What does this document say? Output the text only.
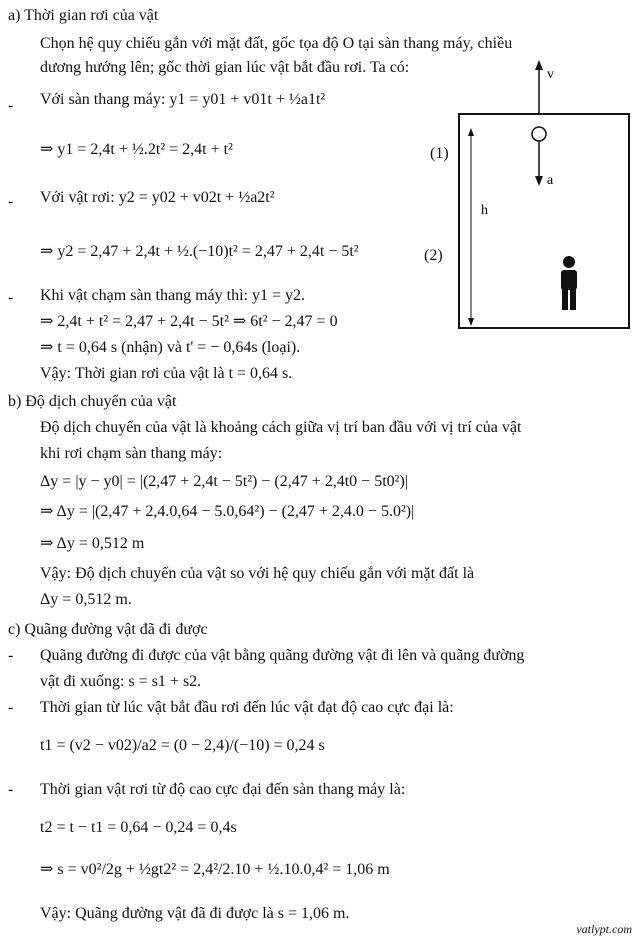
a) Thời gian rơi của vật
Chọn hệ quy chiếu gắn với mặt đất, gốc tọa độ O tại sàn thang máy, chiều
dương hướng lên; gốc thời gian lúc vật bắt đầu rơi. Ta có:
- Với sàn thang máy: y1 = y01 + v01t + ½a1t²
⇒ y1 = 2,4t + ½.2t² = 2,4t + t²	(1)
- Với vật rơi: y2 = y02 + v02t + ½a2t²
⇒ y2 = 2,47 + 2,4t + ½.(−10)t² = 2,47 + 2,4t − 5t²	(2)
- Khi vật chạm sàn thang máy thì: y1 = y2.
⇒ 2,4t + t² = 2,47 + 2,4t − 5t² ⇒ 6t² − 2,47 = 0
⇒ t = 0,64 s (nhận) và t' = − 0,64s (loại).
Vậy: Thời gian rơi của vật là t = 0,64 s.
b) Độ dịch chuyển của vật
Độ dịch chuyển của vật là khoảng cách giữa vị trí ban đầu với vị trí của vật
khi rơi chạm sàn thang máy:
Δy = |y − y0| = |(2,47 + 2,4t − 5t²) − (2,47 + 2,4t0 − 5t0²)|
⇒ Δy = |(2,47 + 2,4.0,64 − 5.0,64²) − (2,47 + 2,4.0 − 5.0²)|
⇒ Δy = 0,512 m
Vậy: Độ dịch chuyển của vật so với hệ quy chiếu gắn với mặt đất là
Δy = 0,512 m.
c) Quãng đường vật đã đi được
- Quãng đường đi được của vật bằng quãng đường vật đi lên và quãng đường
vật đi xuống: s = s1 + s2.
- Thời gian từ lúc vật bắt đầu rơi đến lúc vật đạt độ cao cực đại là:
t1 = (v2 − v02)/a2 = (0 − 2,4)/(−10) = 0,24 s
- Thời gian vật rơi từ độ cao cực đại đến sàn thang máy là:
t2 = t − t1 = 0,64 − 0,24 = 0,4s
⇒ s = v0²/2g + ½gt2² = 2,4²/2.10 + ½.10.0,4² = 1,06 m
Vậy: Quãng đường vật đã đi được là s = 1,06 m.
v
a
h
vatlypt.com
